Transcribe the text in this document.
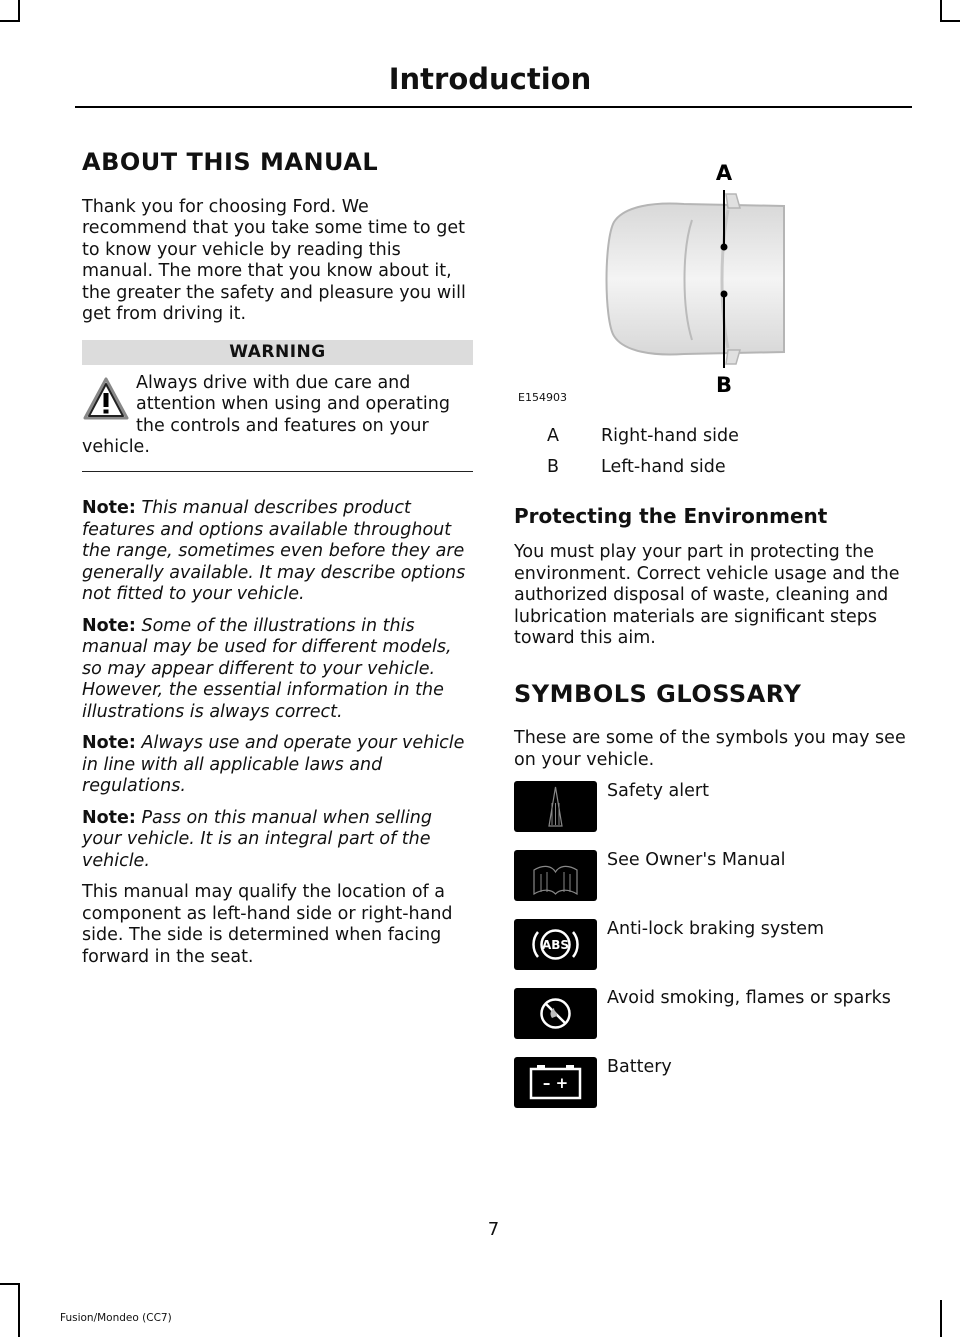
Introduction
ABOUT THIS MANUAL

Thank you for choosing Ford. We recommend that you take some time to get to know your vehicle by reading this manual. The more that you know about it, the greater the safety and pleasure you will get from driving it.

WARNING
Always drive with due care and attention when using and operating the controls and features on your vehicle.

Note: This manual describes product features and options available throughout the range, sometimes even before they are generally available. It may describe options not fitted to your vehicle.

Note: Some of the illustrations in this manual may be used for different models, so may appear different to your vehicle. However, the essential information in the illustrations is always correct.

Note: Always use and operate your vehicle in line with all applicable laws and regulations.

Note: Pass on this manual when selling your vehicle. It is an integral part of the vehicle.

This manual may qualify the location of a component as left-hand side or right-hand side. The side is determined when facing forward in the seat.

A
B
E154903
A	Right-hand side
B	Left-hand side
Protecting the Environment

You must play your part in protecting the environment. Correct vehicle usage and the authorized disposal of waste, cleaning and lubrication materials are significant steps toward this aim.

SYMBOLS GLOSSARY

These are some of the symbols you may see on your vehicle.

Safety alert
See Owner's Manual
ABS
Anti-lock braking system
Avoid smoking, flames or sparks
– +
Battery
7
Fusion/Mondeo (CC7)
